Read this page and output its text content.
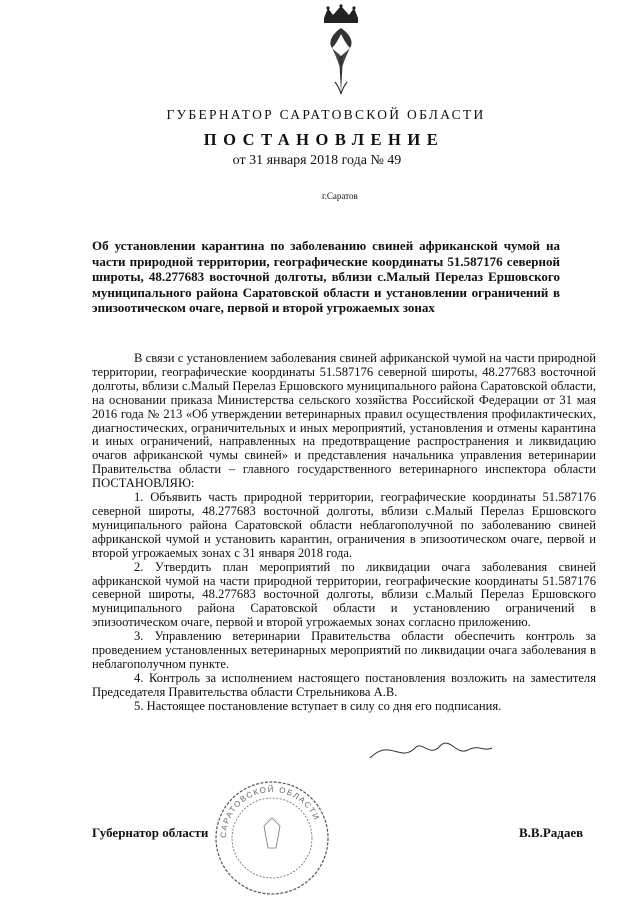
ГУБЕРНАТОР САРАТОВСКОЙ ОБЛАСТИ
ПОСТАНОВЛЕНИЕ
от 31 января 2018 года № 49
г.Саратов
Об установлении карантина по заболеванию свиней африканской чумой на части природной территории, географические координаты 51.587176 северной широты, 48.277683 восточной долготы, вблизи с.Малый Перелаз Ершовского муниципального района Саратовской области и установлении ограничений в эпизоотическом очаге, первой и второй угрожаемых зонах

В связи с установлением заболевания свиней африканской чумой на части природной территории, географические координаты 51.587176 северной широты, 48.277683 восточной долготы, вблизи с.Малый Перелаз Ершовского муниципального района Саратовской области, на основании приказа Министерства сельского хозяйства Российской Федерации от 31 мая 2016 года № 213 «Об утверждении ветеринарных правил осуществления профилактических, диагностических, ограничительных и иных мероприятий, установления и отмены карантина и иных ограничений, направленных на предотвращение распространения и ликвидацию очагов африканской чумы свиней» и представления начальника управления ветеринарии Правительства области – главного государственного ветеринарного инспектора области ПОСТАНОВЛЯЮ:

1. Объявить часть природной территории, географические координаты 51.587176 северной широты, 48.277683 восточной долготы, вблизи с.Малый Перелаз Ершовского муниципального района Саратовской области неблагополучной по заболеванию свиней африканской чумой и установить карантин, ограничения в эпизоотическом очаге, первой и второй угрожаемых зонах с 31 января 2018 года.

2. Утвердить план мероприятий по ликвидации очага заболевания свиней африканской чумой на части природной территории, географические координаты 51.587176 северной широты, 48.277683 восточной долготы, вблизи с.Малый Перелаз Ершовского муниципального района Саратовской области и установлению ограничений в эпизоотическом очаге, первой и второй угрожаемых зонах согласно приложению.

3. Управлению ветеринарии Правительства области обеспечить контроль за проведением установленных ветеринарных мероприятий по ликвидации очага заболевания в неблагополучном пункте.

4. Контроль за исполнением настоящего постановления возложить на заместителя Председателя Правительства области Стрельникова А.В.

5. Настоящее постановление вступает в силу со дня его подписания.

САРАТОВСКОЙ ОБЛАСТИ
Губернатор области	В.В.Радаев
